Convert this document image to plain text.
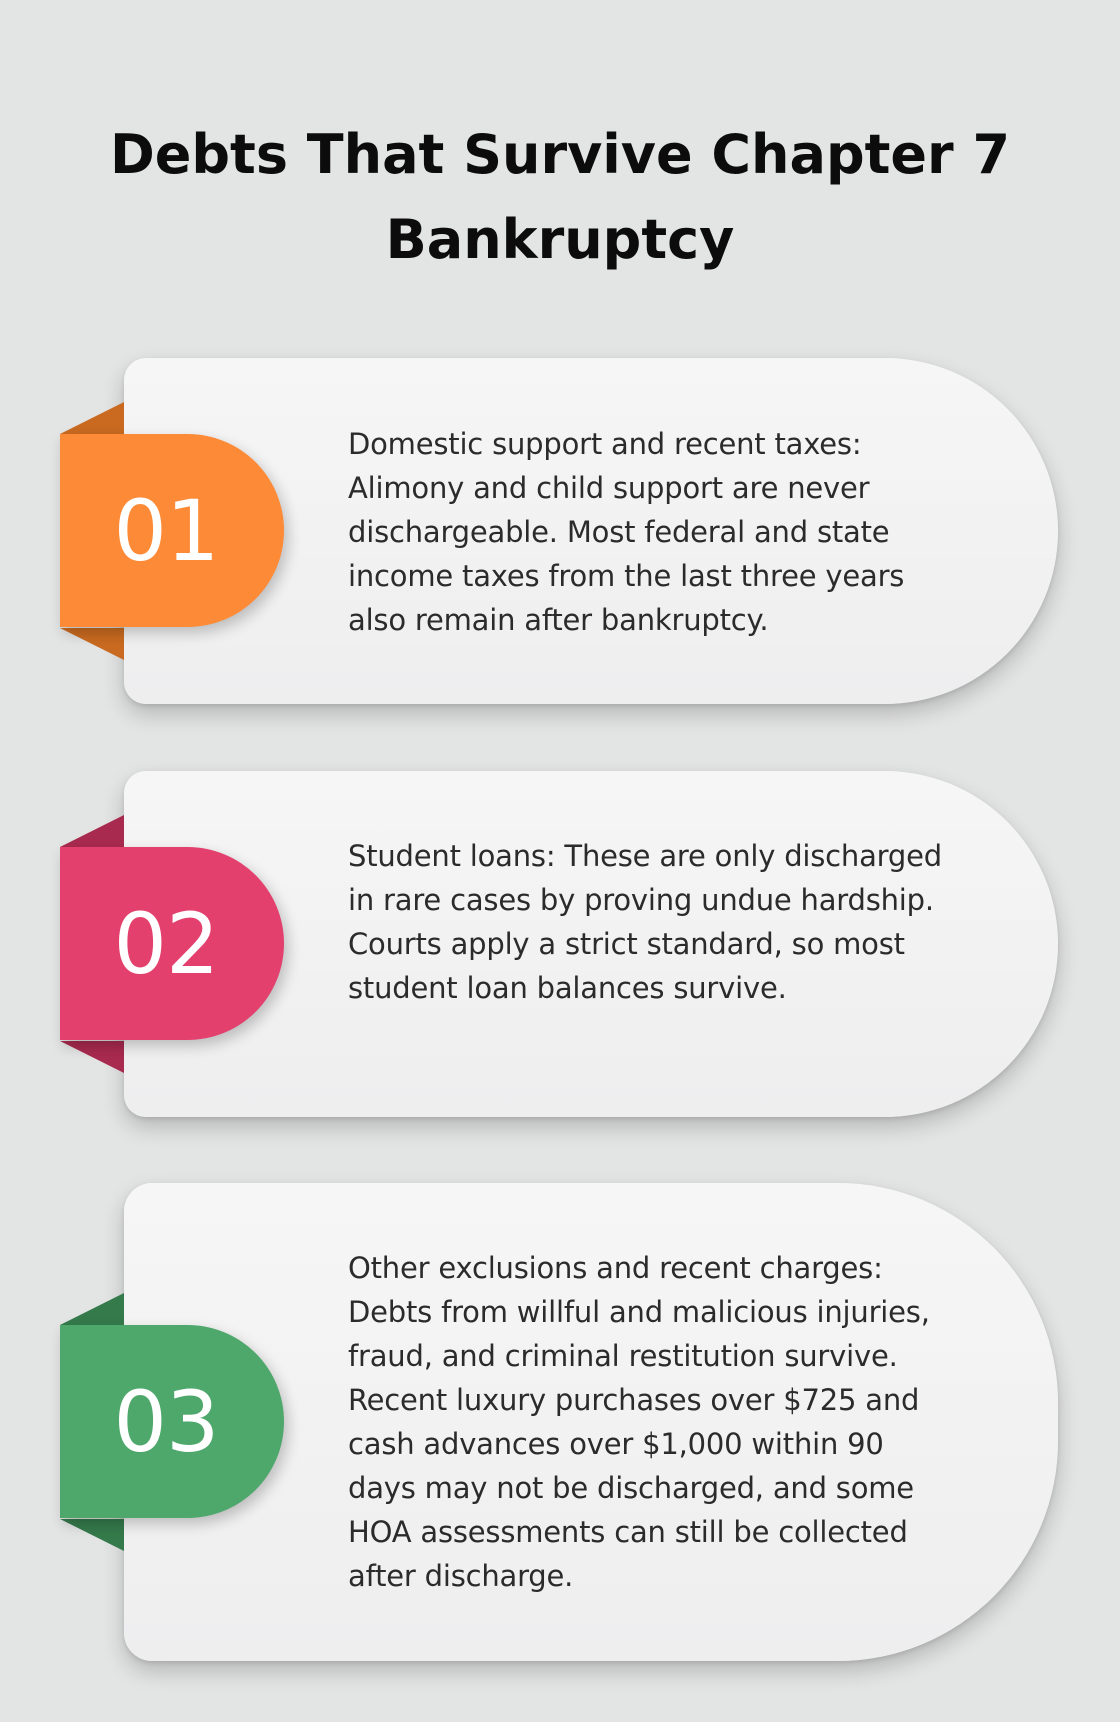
Debts That Survive Chapter 7 Bankruptcy
01

Domestic support and recent taxes: Alimony and child support are never dischargeable. Most federal and state income taxes from the last three years also remain after bankruptcy.

02

Student loans: These are only discharged in rare cases by proving undue hardship. Courts apply a strict standard, so most student loan balances survive.

03

Other exclusions and recent charges: Debts from willful and malicious injuries, fraud, and criminal restitution survive. Recent luxury purchases over $725 and cash advances over $1,000 within 90 days may not be discharged, and some HOA assessments can still be collected after discharge.
